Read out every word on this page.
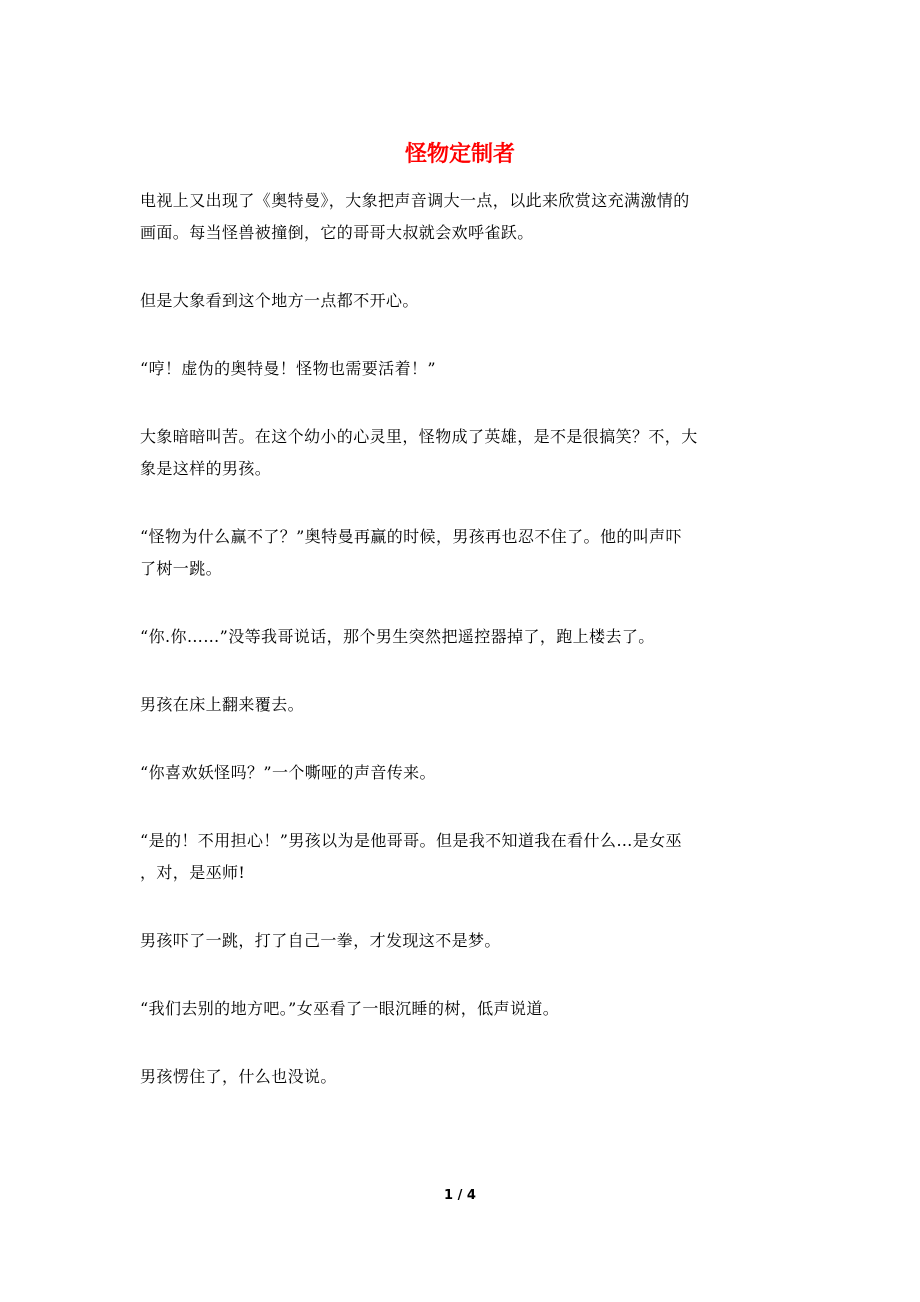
怪物定制者

电视上又出现了《奥特曼》，大象把声音调大一点，以此来欣赏这充满激情的
画面。每当怪兽被撞倒，它的哥哥大叔就会欢呼雀跃。

但是大象看到这个地方一点都不开心。

“哼！虚伪的奥特曼！怪物也需要活着！”

大象暗暗叫苦。在这个幼小的心灵里，怪物成了英雄，是不是很搞笑？不，大
象是这样的男孩。

“怪物为什么赢不了？”奥特曼再赢的时候，男孩再也忍不住了。他的叫声吓
了树一跳。

“你.你……”没等我哥说话，那个男生突然把遥控器掉了，跑上楼去了。

男孩在床上翻来覆去。

“你喜欢妖怪吗？”一个嘶哑的声音传来。

“是的！不用担心！”男孩以为是他哥哥。但是我不知道我在看什么…是女巫
，对，是巫师!

男孩吓了一跳，打了自己一拳，才发现这不是梦。

“我们去别的地方吧。”女巫看了一眼沉睡的树，低声说道。

男孩愣住了，什么也没说。

1 / 4
